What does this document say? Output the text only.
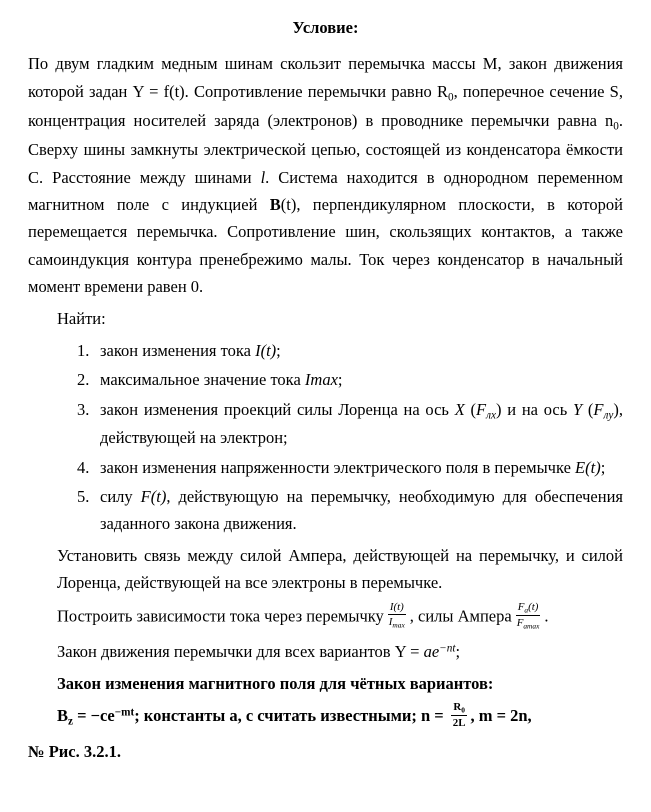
Условие:
По двум гладким медным шинам скользит перемычка массы M, закон движения которой задан Y = f(t). Сопротивление перемычки равно $R_0$, поперечное сечение S, концентрация носителей заряда (электронов) в проводнике перемычки равна $n_0$. Сверху шины замкнуты электрической цепью, состоящей из конденсатора ёмкости C. Расстояние между шинами l. Система находится в однородном переменном магнитном поле с индукцией B(t), перпендикулярном плоскости, в которой перемещается перемычка. Сопротивление шин, скользящих контактов, а также самоиндукция контура пренебрежимо малы. Ток через конденсатор в начальный момент времени равен 0.
Найти:
1. закон изменения тока I(t);
2. максимальное значение тока Imax;
3. закон изменения проекций силы Лоренца на ось X $(F_{лx})$ и на ось Y $(F_{лy})$, действующей на электрон;
4. закон изменения напряженности электрического поля в перемычке E(t);
5. силу F(t), действующую на перемычку, необходимую для обеспечения заданного закона движения.
Установить связь между силой Ампера, действующей на перемычку, и силой Лоренца, действующей на все электроны в перемычке.
Построить зависимости тока через перемычку $\frac{I(t)}{I_{max}}$ , силы Ампера $\frac{F_a(t)}{F_{amax}}$ .
Закон движения перемычки для всех вариантов $Y = ae^{-nt}$;
Закон изменения магнитного поля для чётных вариантов:
$B_z = -ce^{-mt}$; константы a, с считать известными; $n = \frac{R_0}{2L}$ , m = 2n,
№ Рис. 3.2.1.
